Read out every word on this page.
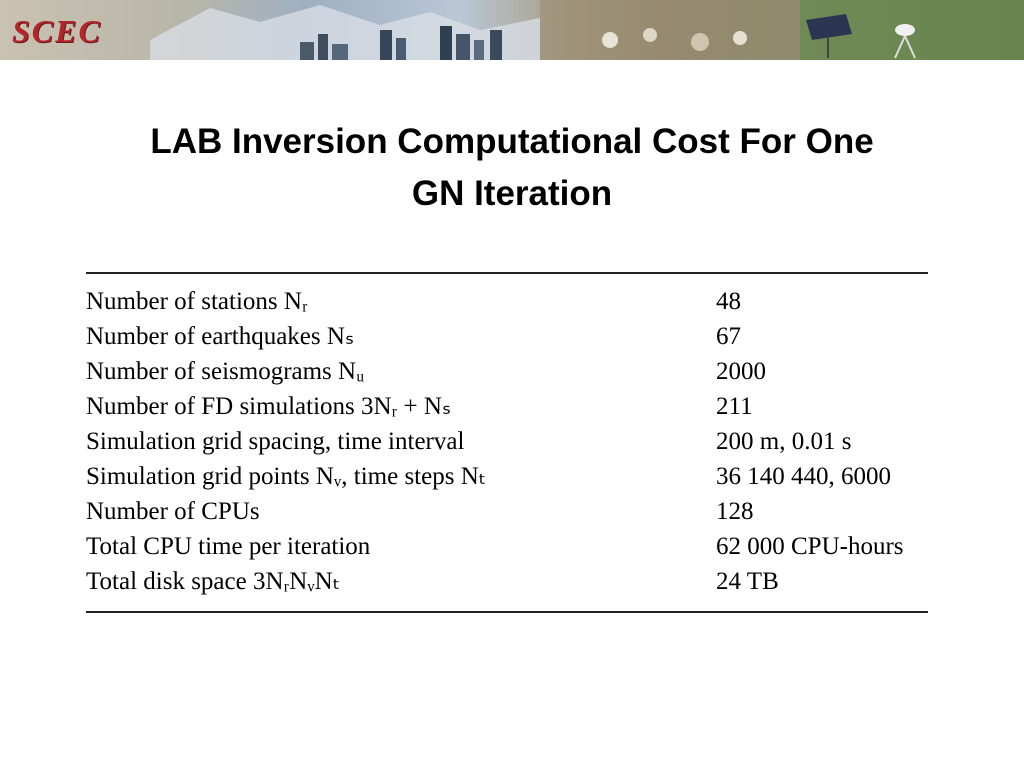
SCEC
LAB Inversion Computational Cost For One
GN Iteration
Number of stations Nᵣ	48
Number of earthquakes Nₛ	67
Number of seismograms Nᵤ	2000
Number of FD simulations 3Nᵣ + Nₛ	211
Simulation grid spacing, time interval	200 m, 0.01 s
Simulation grid points Nᵥ, time steps Nₜ	36 140 440, 6000
Number of CPUs	128
Total CPU time per iteration	62 000 CPU-hours
Total disk space 3NᵣNᵥNₜ	24 TB
